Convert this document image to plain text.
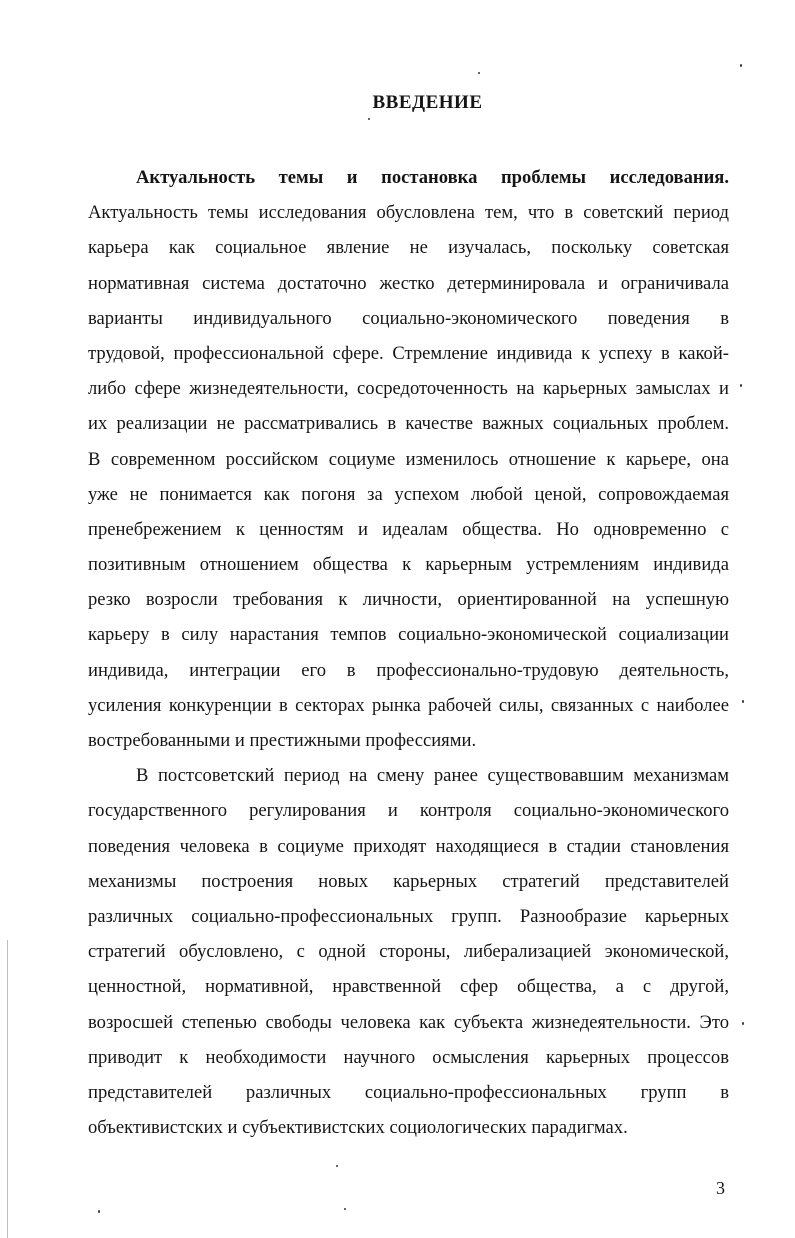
ВВЕДЕНИЕ
Актуальность темы и постановка проблемы исследования.
Актуальность темы исследования обусловлена тем, что в советский период
карьера как социальное явление не изучалась, поскольку советская
нормативная система достаточно жестко детерминировала и ограничивала
варианты индивидуального социально-экономического поведения в
трудовой, профессиональной сфере. Стремление индивида к успеху в какой-
либо сфере жизнедеятельности, сосредоточенность на карьерных замыслах и
их реализации не рассматривались в качестве важных социальных проблем.
В современном российском социуме изменилось отношение к карьере, она
уже не понимается как погоня за успехом любой ценой, сопровождаемая
пренебрежением к ценностям и идеалам общества. Но одновременно с
позитивным отношением общества к карьерным устремлениям индивида
резко возросли требования к личности, ориентированной на успешную
карьеру в силу нарастания темпов социально-экономической социализации
индивида, интеграции его в профессионально-трудовую деятельность,
усиления конкуренции в секторах рынка рабочей силы, связанных с наиболее
востребованными и престижными профессиями.
В постсоветский период на смену ранее существовавшим механизмам
государственного регулирования и контроля социально-экономического
поведения человека в социуме приходят находящиеся в стадии становления
механизмы построения новых карьерных стратегий представителей
различных социально-профессиональных групп. Разнообразие карьерных
стратегий обусловлено, с одной стороны, либерализацией экономической,
ценностной, нормативной, нравственной сфер общества, а с другой,
возросшей степенью свободы человека как субъекта жизнедеятельности. Это
приводит к необходимости научного осмысления карьерных процессов
представителей различных социально-профессиональных групп в
объективистских и субъективистских социологических парадигмах.
3
